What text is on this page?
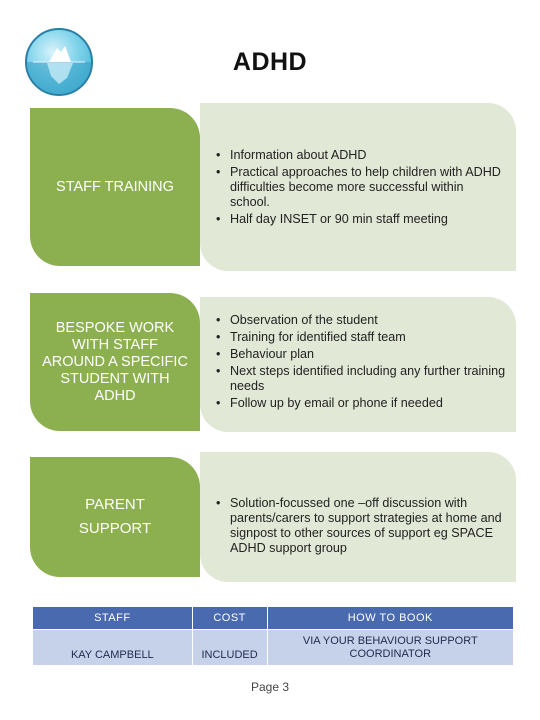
ADHD
• Information about ADHD
• Practical approaches to help children with ADHD difficulties become more successful within school.
• Half day INSET or 90 min staff meeting
STAFF TRAINING
• Observation of the student
• Training for identified staff team
• Behaviour plan
• Next steps identified including any further training needs
• Follow up by email or phone if needed
BESPOKE WORK WITH STAFF AROUND A SPECIFIC STUDENT WITH ADHD
• Solution-focussed one –off discussion with parents/carers to support strategies at home and signpost to other sources of support eg SPACE ADHD support group
PARENT SUPPORT
STAFF	COST	HOW TO BOOK
KAY CAMPBELL	INCLUDED	VIA YOUR BEHAVIOUR SUPPORT COORDINATOR
Page 3
